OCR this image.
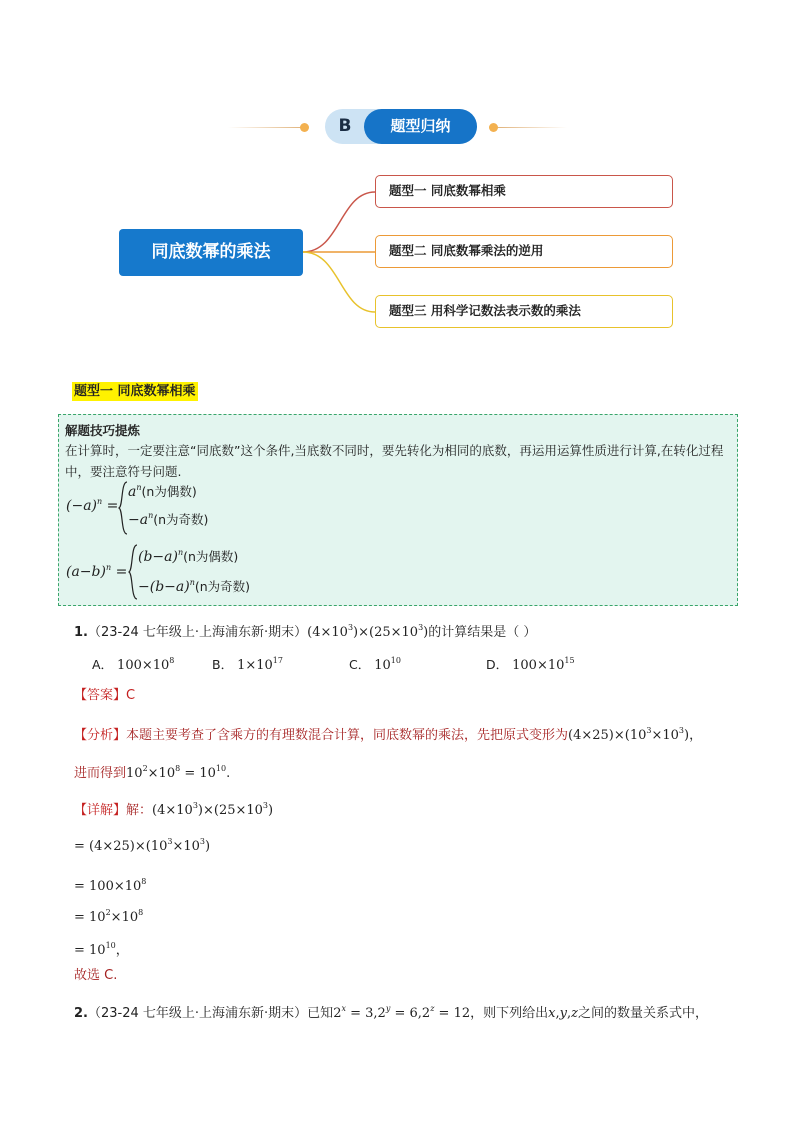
B	题型归纳
同底数幂的乘法
题型一 同底数幂相乘
题型二 同底数幂乘法的逆用
题型三 用科学记数法表示数的乘法
题型一 同底数幂相乘
解题技巧提炼
在计算时，一定要注意“同底数”这个条件,当底数不同时，要先转化为相同的底数，再运用运算性质进行计算,在转化过程中，要注意符号问题.
$(-a)^n$ =
$a^n(n$为偶数)
$-a^n(n$为奇数)
$(a-b)^n$ =
$(b-a)^n(n$为偶数)
$-(b-a)^n(n$为奇数)
1.（23-24 七年级上·上海浦东新·期末）$(4\times 10^3)\times(25\times 10^3)$的计算结果是（ ）
A． $100\times 10^8$	B． $1\times 10^{17}$	C． $10^{10}$	D． $100\times 10^{15}$
【答案】C
【分析】本题主要考查了含乘方的有理数混合计算，同底数幂的乘法，先把原式变形为$(4\times 25)\times(10^3\times 10^3)$，
进而得到$10^2\times 10^8 = 10^{10}$.
【详解】解：$(4\times 10^3)\times(25\times 10^3)$
= $(4\times 25)\times(10^3\times 10^3)$
= $100\times 10^8$
= $10^2\times 10^8$
= $10^{10}$，
故选 C.
2.（23-24 七年级上·上海浦东新·期末）已知$2^x = 3,2^y = 6,2^z = 12$，则下列给出x,y,z之间的数量关系式中，
